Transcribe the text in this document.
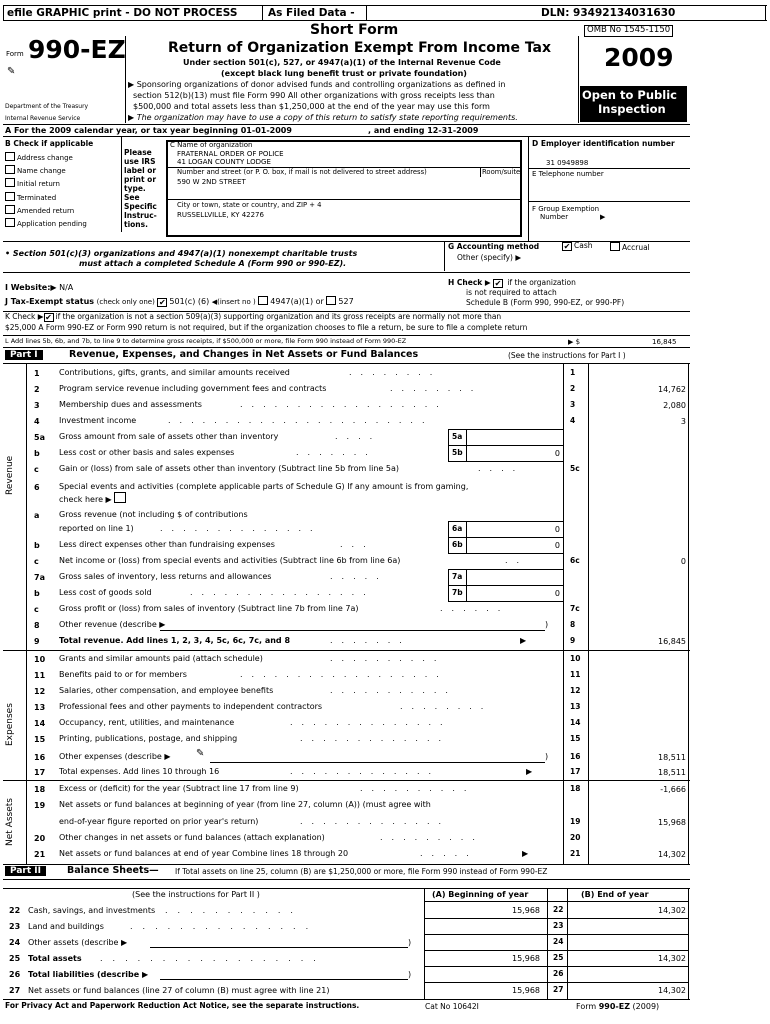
efile GRAPHIC print - DO NOT PROCESS	As Filed Data -	DLN: 93492134031630
Short Form	OMB No 1545-1150
Form 990-EZ
✎
Return of Organization Exempt From Income Tax
Under section 501(c), 527, or 4947(a)(1) of the Internal Revenue Code
(except black lung benefit trust or private foundation)
▶ Sponsoring organizations of donor advised funds and controlling organizations as defined in
section 512(b)(13) must file Form 990 All other organizations with gross receipts less than
$500,000 and total assets less than $1,250,000 at the end of the year may use this form
▶ The organization may have to use a copy of this return to satisfy state reporting requirements.
Department of the Treasury
Internal Revenue Service
2009
Open to Public
Inspection
A For the 2009 calendar year, or tax year beginning 01-01-2009	, and ending 12-31-2009
B Check if applicable
Address change
Name change
Initial return
Terminated
Amended return
Application pending
Please
use IRS
label or
print or
type.
See
Specific
Instruc-
tions.
C Name of organization
FRATERNAL ORDER OF POLICE
41 LOGAN COUNTY LODGE
Number and street (or P. O. box, if mail is not delivered to street address)	Room/suite
590 W 2ND STREET
City or town, state or country, and ZIP + 4
RUSSELLVILLE, KY 42276
D Employer identification number
31 0949898
E Telephone number
F Group Exemption
Number	▶
• Section 501(c)(3) organizations and 4947(a)(1) nonexempt charitable trusts
must attach a completed Schedule A (Form 990 or 990-EZ).
G Accounting method	✔ Cash	Accrual
Other (specify) ▶
I Website:▶ N/A
H Check ▶ ✔ if the organization
is not required to attach
Schedule B (Form 990, 990-EZ, or 990-PF)
J Tax-Exempt status (check only one) ✔ 501(c) (6) ◀(insert no ) 4947(a)(1) or 527
K Check ▶ ✔ if the organization is not a section 509(a)(3) supporting organization and its gross receipts are normally not more than
$25,000 A Form 990-EZ or Form 990 return is not required, but if the organization chooses to file a return, be sure to file a complete return
L Add lines 5b, 6b, and 7b, to line 9 to determine gross receipts, if $500,000 or more, file Form 990 instead of Form 990-EZ	▶ $	16,845
Part I	Revenue, Expenses, and Changes in Net Assets or Fund Balances	(See the instructions for Part I )
Revenue
Expenses
Net Assets
1 Contributions, gifts, grants, and similar amounts received	........	1
2 Program service revenue including government fees and contracts	........	2	14,762
3 Membership dues and assessments	..................	3	2,080
4 Investment income	.......................	4	3
5a Gross amount from sale of assets other than inventory	....	5a
b Less cost or other basis and sales expenses	.......	5b	0
c	Gain or (loss) from sale of assets other than inventory (Subtract line 5b from line 5a)	....	5c
6 Special events and activities (complete applicable parts of Schedule G) If any amount is from gaming,
check here ▶
a Gross revenue (not including $ of contributions
reported on line 1)	..............	6a	0
b Less direct expenses other than fundraising expenses	...	6b	0
c	Net income or (loss) from special events and activities (Subtract line 6b from line 6a)	..	6c	0
7a Gross sales of inventory, less returns and allowances	.....	7a
b Less cost of goods sold	................	7b	0
c	Gross profit or (loss) from sales of inventory (Subtract line 7b from line 7a)	......	7c
8 Other revenue (describe ▶	)	8
9 Total revenue. Add lines 1, 2, 3, 4, 5c, 6c, 7c, and 8	.......	▶	9	16,845
10 Grants and similar amounts paid (attach schedule)	..........	10
11 Benefits paid to or for members	..................	11
12 Salaries, other compensation, and employee benefits	...........	12
13 Professional fees and other payments to independent contractors	........	13
14 Occupancy, rent, utilities, and maintenance	..............	14
15 Printing, publications, postage, and shipping	.............	15
16 Other expenses (describe ▶	✎	)	16	18,511
17 Total expenses. Add lines 10 through 16	.............	▶	17	18,511
18 Excess or (deficit) for the year (Subtract line 17 from line 9)	..........	18	-1,666
19 Net assets or fund balances at beginning of year (from line 27, column (A)) (must agree with
end-of-year figure reported on prior year's return)	.............	19	15,968
20 Other changes in net assets or fund balances (attach explanation)	.........	20
21 Net assets or fund balances at end of year Combine lines 18 through 20	.....	▶	21	14,302
Part II	Balance Sheets— If Total assets on line 25, column (B) are $1,250,000 or more, file Form 990 instead of Form 990-EZ
(See the instructions for Part II )	(A) Beginning of year	(B) End of year
22 Cash, savings, and investments ...........	15,968 22	14,302
23 Land and buildings	...............	23
24 Other assets (describe ▶	)	24
25 Total assets ..................	15,968 25	14,302
26 Total liabilities (describe ▶	)	26
27 Net assets or fund balances (line 27 of column (B) must agree with line 21)	15,968 27	14,302
For Privacy Act and Paperwork Reduction Act Notice, see the separate instructions.	Cat No 10642I	Form 990-EZ (2009)
